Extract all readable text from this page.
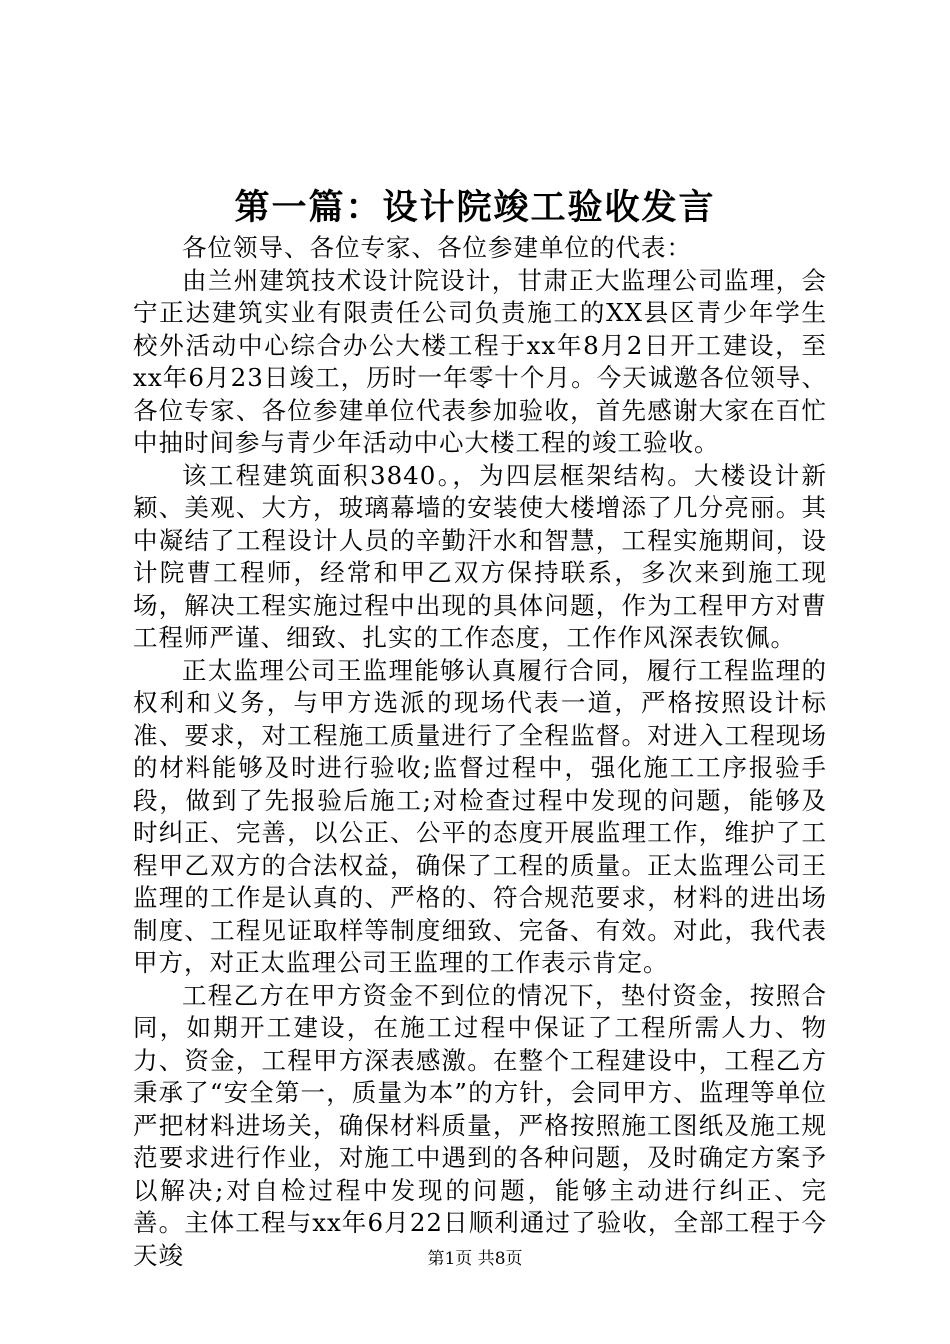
第一篇：设计院竣工验收发言

各位领导、各位专家、各位参建单位的代表：

由兰州建筑技术设计院设计，甘肃正大监理公司监理，会宁正达建筑实业有限责任公司负责施工的XX县区青少年学生校外活动中心综合办公大楼工程于xx年8月2日开工建设，至xx年6月23日竣工，历时一年零十个月。今天诚邀各位领导、各位专家、各位参建单位代表参加验收，首先感谢大家在百忙中抽时间参与青少年活动中心大楼工程的竣工验收。

该工程建筑面积3840。，为四层框架结构。大楼设计新颖、美观、大方，玻璃幕墙的安装使大楼增添了几分亮丽。其中凝结了工程设计人员的辛勤汗水和智慧，工程实施期间，设计院曹工程师，经常和甲乙双方保持联系，多次来到施工现场，解决工程实施过程中出现的具体问题，作为工程甲方对曹工程师严谨、细致、扎实的工作态度，工作作风深表钦佩。

正太监理公司王监理能够认真履行合同，履行工程监理的权利和义务，与甲方选派的现场代表一道，严格按照设计标准、要求，对工程施工质量进行了全程监督。对进入工程现场的材料能够及时进行验收;监督过程中，强化施工工序报验手段，做到了先报验后施工;对检查过程中发现的问题，能够及时纠正、完善，以公正、公平的态度开展监理工作，维护了工程甲乙双方的合法权益，确保了工程的质量。正太监理公司王监理的工作是认真的、严格的、符合规范要求，材料的进出场制度、工程见证取样等制度细致、完备、有效。对此，我代表甲方，对正太监理公司王监理的工作表示肯定。

工程乙方在甲方资金不到位的情况下，垫付资金，按照合同，如期开工建设，在施工过程中保证了工程所需人力、物力、资金，工程甲方深表感激。在整个工程建设中，工程乙方秉承了“安全第一，质量为本”的方针，会同甲方、监理等单位严把材料进场关，确保材料质量，严格按照施工图纸及施工规范要求进行作业，对施工中遇到的各种问题，及时确定方案予以解决;对自检过程中发现的问题，能够主动进行纠正、完善。主体工程与xx年6月22日顺利通过了验收，全部工程于今天竣	第1页 共8页
